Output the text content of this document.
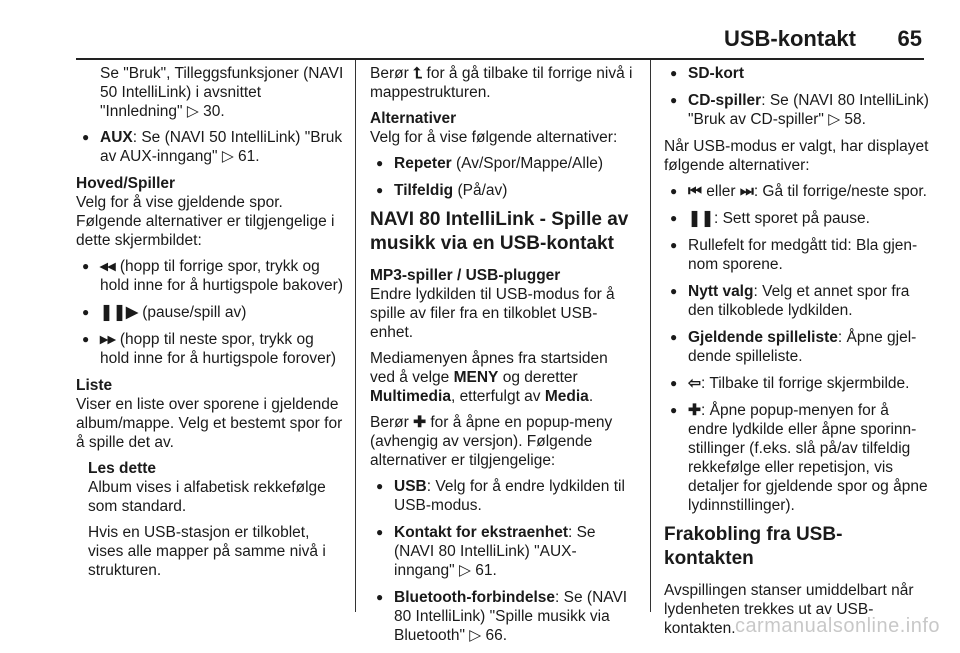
USB-kontakt 65

Se "Bruk", Tilleggsfunksjoner (NAVI 50 IntelliLink) i avsnittet "Innledning" ▷ 30.

● AUX: Se (NAVI 50 IntelliLink) "Bruk av AUX-inngang" ▷ 61.

Hoved/Spiller

Velg for å vise gjeldende spor. Følgende alternativer er tilgjengelige i dette skjermbildet:

● ◂◂ (hopp til forrige spor, trykk og hold inne for å hurtigspole bakover)
● ❚❚▶ (pause/spill av)
● ▸▸ (hopp til neste spor, trykk og hold inne for å hurtigspole forover)

Liste

Viser en liste over sporene i gjeldende album/mappe. Velg et bestemt spor for å spille det av.

Les dette

Album vises i alfabetisk rekkefølge som standard.

Hvis en USB-stasjon er tilkoblet, vises alle mapper på samme nivå i strukturen.

Berør ⮤ for å gå tilbake til forrige nivå i mappestrukturen.

Alternativer

Velg for å vise følgende alternativer:

● Repeter (Av/Spor/Mappe/Alle)
● Tilfeldig (På/av)

NAVI 80 IntelliLink - Spille av musikk via en USB-kontakt

MP3-spiller / USB-plugger

Endre lydkilden til USB-modus for å spille av filer fra en tilkoblet USB-enhet.

Mediamenyen åpnes fra startsiden ved å velge MENY og deretter Multimedia, etterfulgt av Media.

Berør ✚ for å åpne en popup-meny (avhengig av versjon). Følgende alternativer er tilgjengelige:

● USB: Velg for å endre lydkilden til USB-modus.
● Kontakt for ekstraenhet: Se (NAVI 80 IntelliLink) "AUX-inngang" ▷ 61.
● Bluetooth-forbindelse: Se (NAVI 80 IntelliLink) "Spille musikk via Bluetooth" ▷ 66.
● SD-kort
● CD-spiller: Se (NAVI 80 IntelliLink) "Bruk av CD-spiller" ▷ 58.

Når USB-modus er valgt, har displayet følgende alternativer:

● ⏮ eller ⏭: Gå til forrige/neste spor.
● ❚❚: Sett sporet på pause.
● Rullefelt for medgått tid: Bla gjennom sporene.
● Nytt valg: Velg et annet spor fra den tilkoblede lydkilden.
● Gjeldende spilleliste: Åpne gjeldende spilleliste.
● ⇦: Tilbake til forrige skjermbilde.
● ✚: Åpne popup-menyen for å endre lydkilde eller åpne sporinnstillinger (f.eks. slå på/av tilfeldig rekkefølge eller repetisjon, vis detaljer for gjeldende spor og åpne lydinnstillinger).

Frakobling fra USB-kontakten

Avspillingen stanser umiddelbart når lydenheten trekkes ut av USB-kontakten. carmanualsonline.info
